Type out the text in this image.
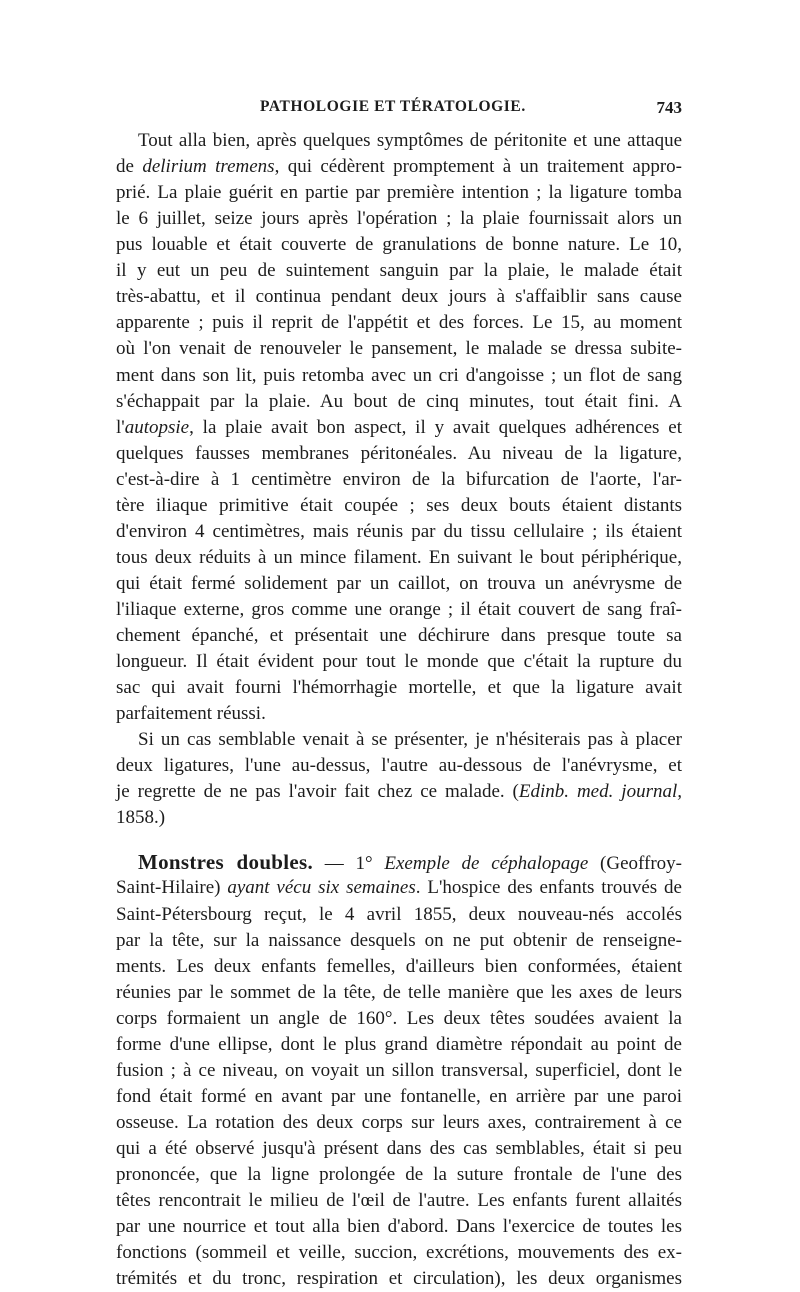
PATHOLOGIE ET TÉRATOLOGIE.	743
Tout alla bien, après quelques symptômes de péritonite et une attaque
de delirium tremens, qui cédèrent promptement à un traitement appro-
prié. La plaie guérit en partie par première intention ; la ligature tomba
le 6 juillet, seize jours après l'opération ; la plaie fournissait alors un
pus louable et était couverte de granulations de bonne nature. Le 10,
il y eut un peu de suintement sanguin par la plaie, le malade était
très-abattu, et il continua pendant deux jours à s'affaiblir sans cause
apparente ; puis il reprit de l'appétit et des forces. Le 15, au moment
où l'on venait de renouveler le pansement, le malade se dressa subite-
ment dans son lit, puis retomba avec un cri d'angoisse ; un flot de sang
s'échappait par la plaie. Au bout de cinq minutes, tout était fini. A
l'autopsie, la plaie avait bon aspect, il y avait quelques adhérences et
quelques fausses membranes péritonéales. Au niveau de la ligature,
c'est-à-dire à 1 centimètre environ de la bifurcation de l'aorte, l'ar-
tère iliaque primitive était coupée ; ses deux bouts étaient distants
d'environ 4 centimètres, mais réunis par du tissu cellulaire ; ils étaient
tous deux réduits à un mince filament. En suivant le bout périphérique,
qui était fermé solidement par un caillot, on trouva un anévrysme de
l'iliaque externe, gros comme une orange ; il était couvert de sang fraî-
chement épanché, et présentait une déchirure dans presque toute sa
longueur. Il était évident pour tout le monde que c'était la rupture du
sac qui avait fourni l'hémorrhagie mortelle, et que la ligature avait
parfaitement réussi.
Si un cas semblable venait à se présenter, je n'hésiterais pas à placer
deux ligatures, l'une au-dessus, l'autre au-dessous de l'anévrysme, et
je regrette de ne pas l'avoir fait chez ce malade. (Edinb. med. journal,
1858.)
Monstres doubles. — 1° Exemple de céphalopage (Geoffroy-
Saint-Hilaire) ayant vécu six semaines. L'hospice des enfants trouvés de
Saint-Pétersbourg reçut, le 4 avril 1855, deux nouveau-nés accolés
par la tête, sur la naissance desquels on ne put obtenir de renseigne-
ments. Les deux enfants femelles, d'ailleurs bien conformées, étaient
réunies par le sommet de la tête, de telle manière que les axes de leurs
corps formaient un angle de 160°. Les deux têtes soudées avaient la
forme d'une ellipse, dont le plus grand diamètre répondait au point de
fusion ; à ce niveau, on voyait un sillon transversal, superficiel, dont le
fond était formé en avant par une fontanelle, en arrière par une paroi
osseuse. La rotation des deux corps sur leurs axes, contrairement à ce
qui a été observé jusqu'à présent dans des cas semblables, était si peu
prononcée, que la ligne prolongée de la suture frontale de l'une des
têtes rencontrait le milieu de l'œil de l'autre. Les enfants furent allaités
par une nourrice et tout alla bien d'abord. Dans l'exercice de toutes les
fonctions (sommeil et veille, succion, excrétions, mouvements des ex-
trémités et du tronc, respiration et circulation), les deux organismes
